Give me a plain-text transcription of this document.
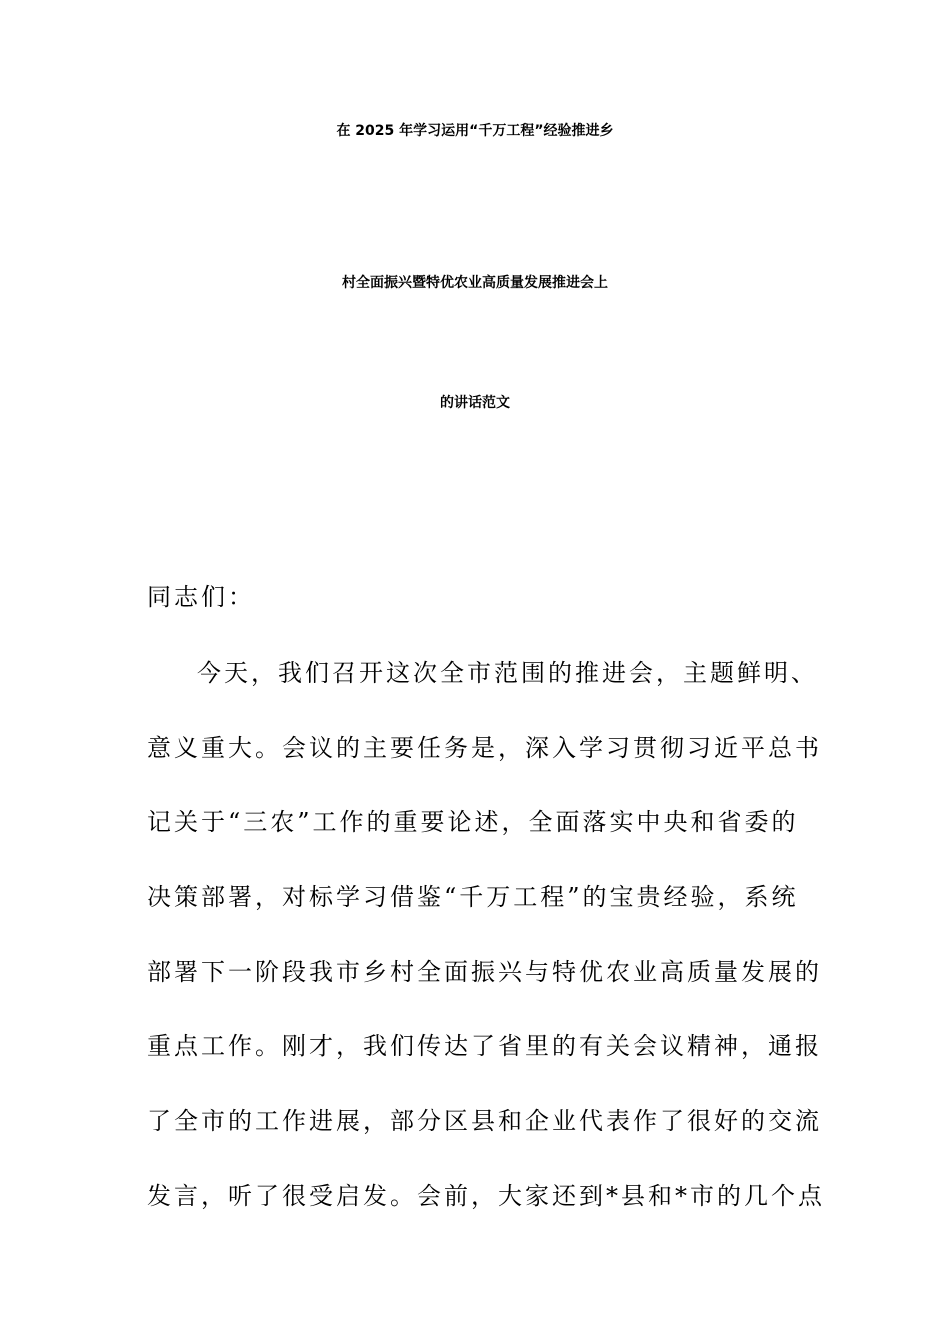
在 2025 年学习运用“千万工程”经验推进乡
村全面振兴暨特优农业高质量发展推进会上
的讲话范文
同志们：
今天，我们召开这次全市范围的推进会，主题鲜明、
意义重大。会议的主要任务是，深入学习贯彻习近平总书
记关于“三农”工作的重要论述，全面落实中央和省委的
决策部署，对标学习借鉴“千万工程”的宝贵经验，系统
部署下一阶段我市乡村全面振兴与特优农业高质量发展的
重点工作。刚才，我们传达了省里的有关会议精神，通报
了全市的工作进展，部分区县和企业代表作了很好的交流
发言，听了很受启发。会前，大家还到*县和*市的几个点
